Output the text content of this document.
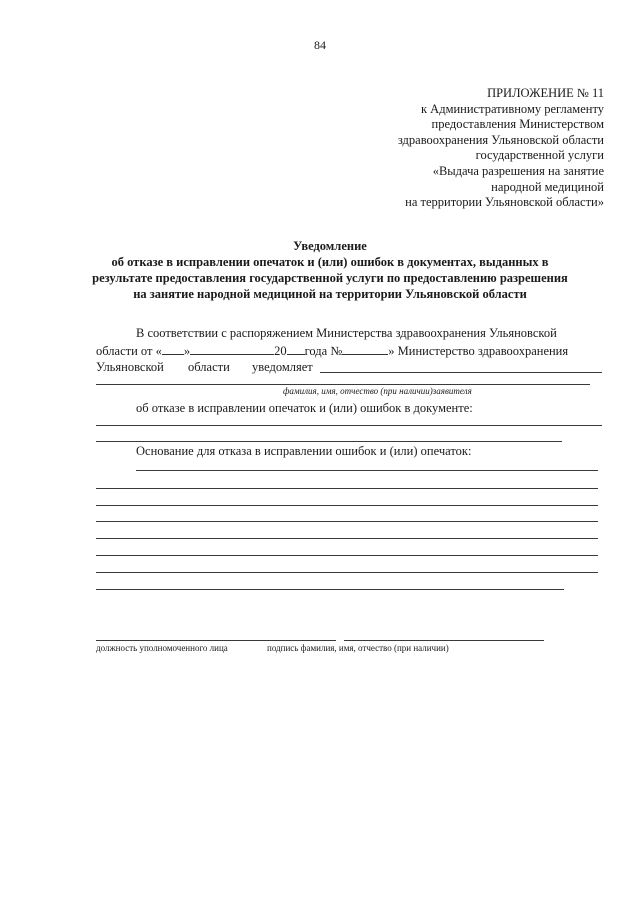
84
ПРИЛОЖЕНИЕ № 11
к Административному регламенту
предоставления Министерством
здравоохранения Ульяновской области
государственной услуги
«Выдача разрешения на занятие
народной медициной
на территории Ульяновской области»
Уведомление
об отказе в исправлении опечаток и (или) ошибок в документах, выданных в
результате предоставления государственной услуги по предоставлению разрешения
на занятие народной медициной на территории Ульяновской области
В соответствии с распоряжением Министерства здравоохранения Ульяновской
области от « »	20 года №	» Министерство здравоохранения
Ульяновской области уведомляет
фамилия, имя, отчество (при наличии)заявителя
об отказе в исправлении опечаток и (или) ошибок в документе:
Основание для отказа в исправлении ошибок и (или) опечаток:
должность уполномоченного лица	подпись фамилия, имя, отчество (при наличии)
